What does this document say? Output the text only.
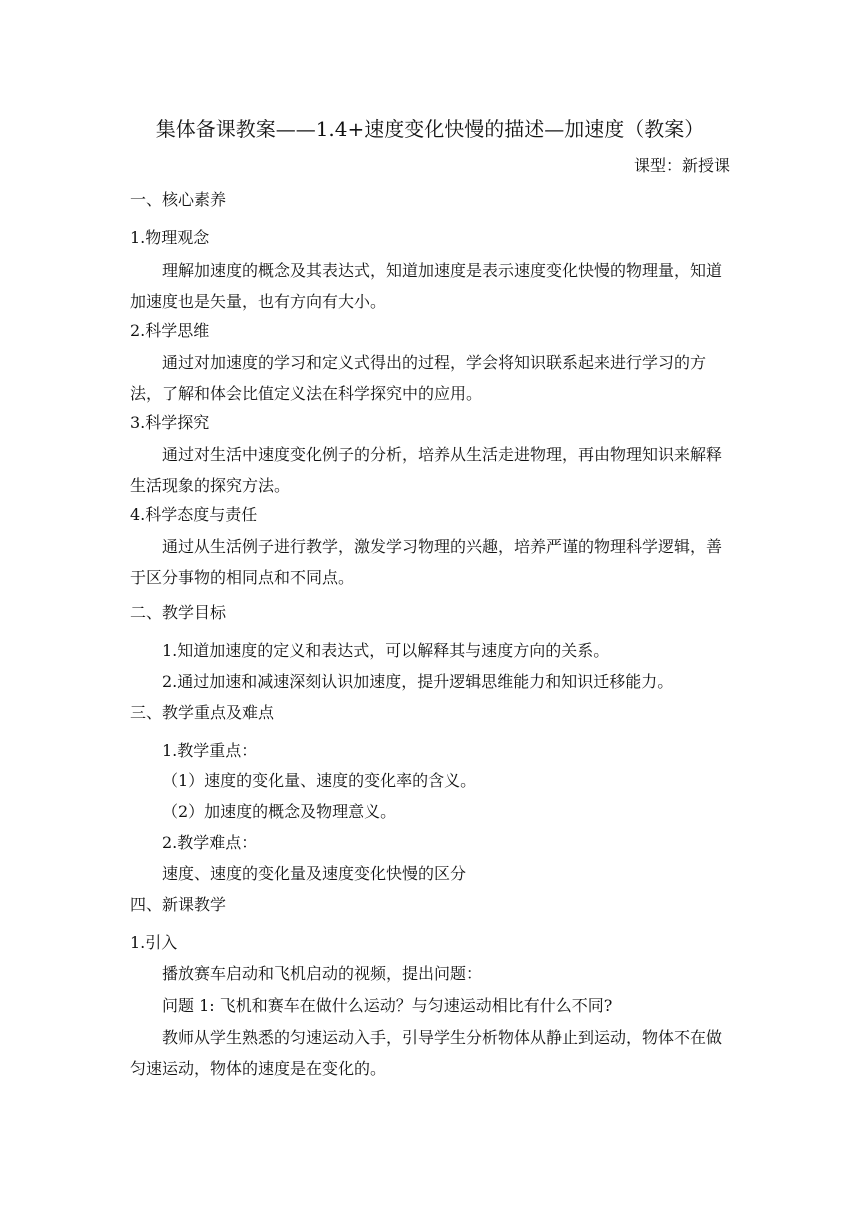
集体备课教案——1.4+速度变化快慢的描述—加速度（教案）
课型：新授课
一、核心素养
1.物理观念
理解加速度的概念及其表达式，知道加速度是表示速度变化快慢的物理量，知道加速度也是矢量，也有方向有大小。
2.科学思维
通过对加速度的学习和定义式得出的过程，学会将知识联系起来进行学习的方法，了解和体会比值定义法在科学探究中的应用。
3.科学探究
通过对生活中速度变化例子的分析，培养从生活走进物理，再由物理知识来解释生活现象的探究方法。
4.科学态度与责任
通过从生活例子进行教学，激发学习物理的兴趣，培养严谨的物理科学逻辑，善于区分事物的相同点和不同点。
二、教学目标
1.知道加速度的定义和表达式，可以解释其与速度方向的关系。
2.通过加速和减速深刻认识加速度，提升逻辑思维能力和知识迁移能力。
三、教学重点及难点
1.教学重点：
（1）速度的变化量、速度的变化率的含义。
（2）加速度的概念及物理意义。
2.教学难点：
速度、速度的变化量及速度变化快慢的区分
四、新课教学
1.引入
播放赛车启动和飞机启动的视频，提出问题：
问题 1: 飞机和赛车在做什么运动？与匀速运动相比有什么不同?
教师从学生熟悉的匀速运动入手，引导学生分析物体从静止到运动，物体不在做匀速运动，物体的速度是在变化的。
